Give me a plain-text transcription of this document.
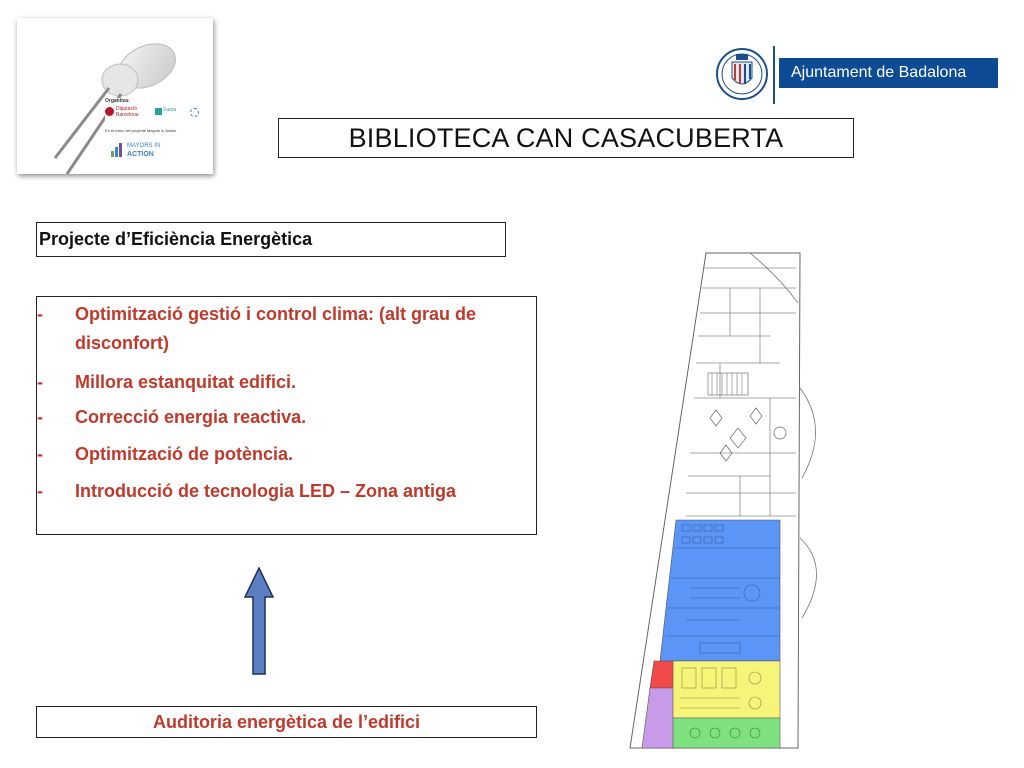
Organitza:
Diputació
Barcelona
Xarxa
En el marc del projecte Mayors in Action
MAYORS IN
ACTION
Ajuntament de Badalona
BIBLIOTECA CAN CASACUBERTA
Projecte d’Eficiència Energètica
-	Optimització gestió i control clima: (alt grau de disconfort)
-	Millora estanquitat edifici.
-	Correcció energia reactiva.
-	Optimització de potència.
-	Introducció de tecnologia LED – Zona antiga
Auditoria energètica de l’edifici
